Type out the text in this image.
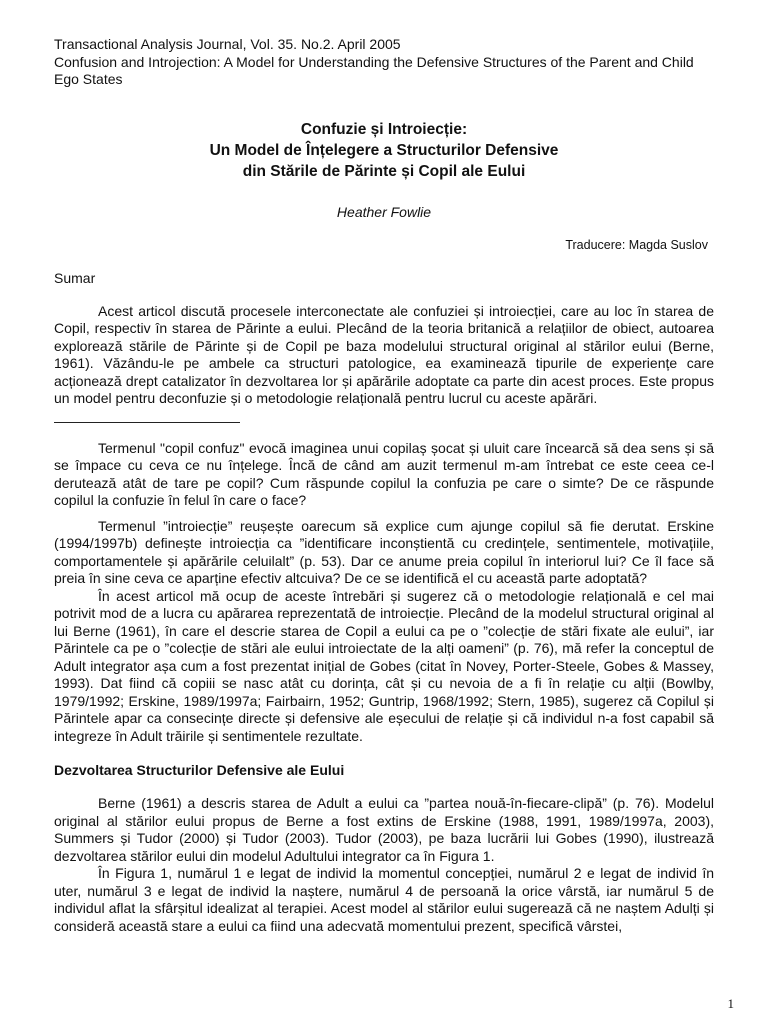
Transactional Analysis Journal, Vol. 35. No.2. April 2005
Confusion and Introjection: A Model for Understanding the Defensive Structures of the Parent and Child Ego States
Confuzie și Introiecție:
Un Model de Înțelegere a Structurilor Defensive
din Stările de Părinte și Copil ale Eului
Heather Fowlie
Traducere: Magda Suslov
Sumar

Acest articol discută procesele interconectate ale confuziei și introiecției, care au loc în starea de Copil, respectiv în starea de Părinte a eului. Plecând de la teoria britanică a relațiilor de obiect, autoarea explorează stările de Părinte și de Copil pe baza modelului structural original al stărilor eului (Berne, 1961). Văzându-le pe ambele ca structuri patologice, ea examinează tipurile de experiențe care acționează drept catalizator în dezvoltarea lor și apărările adoptate ca parte din acest proces. Este propus un model pentru deconfuzie și o metodologie relațională pentru lucrul cu aceste apărări.

Termenul "copil confuz" evocă imaginea unui copilaș șocat și uluit care încearcă să dea sens și să se împace cu ceva ce nu înțelege. Încă de când am auzit termenul m-am întrebat ce este ceea ce-l derutează atât de tare pe copil? Cum răspunde copilul la confuzia pe care o simte? De ce răspunde copilul la confuzie în felul în care o face?

Termenul ”introiecție” reușește oarecum să explice cum ajunge copilul să fie derutat. Erskine (1994/1997b) definește introiecția ca ”identificare inconștientă cu credințele, sentimentele, motivațiile, comportamentele și apărările celuilalt” (p. 53). Dar ce anume preia copilul în interiorul lui? Ce îl face să preia în sine ceva ce aparține efectiv altcuiva? De ce se identifică el cu această parte adoptată?

În acest articol mă ocup de aceste întrebări și sugerez că o metodologie relațională e cel mai potrivit mod de a lucra cu apărarea reprezentată de introiecție. Plecând de la modelul structural original al lui Berne (1961), în care el descrie starea de Copil a eului ca pe o ”colecție de stări fixate ale eului”, iar Părintele ca pe o ”colecție de stări ale eului introiectate de la alți oameni” (p. 76), mă refer la conceptul de Adult integrator așa cum a fost prezentat inițial de Gobes (citat în Novey, Porter-Steele, Gobes & Massey, 1993). Dat fiind că copiii se nasc atât cu dorința, cât și cu nevoia de a fi în relație cu alții (Bowlby, 1979/1992; Erskine, 1989/1997a; Fairbairn, 1952; Guntrip, 1968/1992; Stern, 1985), sugerez că Copilul și Părintele apar ca consecințe directe și defensive ale eșecului de relație și că individul n-a fost capabil să integreze în Adult trăirile și sentimentele rezultate.

Dezvoltarea Structurilor Defensive ale Eului

Berne (1961) a descris starea de Adult a eului ca ”partea nouă-în-fiecare-clipă” (p. 76). Modelul original al stărilor eului propus de Berne a fost extins de Erskine (1988, 1991, 1989/1997a, 2003), Summers și Tudor (2000) și Tudor (2003). Tudor (2003), pe baza lucrării lui Gobes (1990), ilustrează dezvoltarea stărilor eului din modelul Adultului integrator ca în Figura 1.

În Figura 1, numărul 1 e legat de individ la momentul concepției, numărul 2 e legat de individ în uter, numărul 3 e legat de individ la naștere, numărul 4 de persoană la orice vârstă, iar numărul 5 de individul aflat la sfârșitul idealizat al terapiei. Acest model al stărilor eului sugerează că ne naștem Adulți și consideră această stare a eului ca fiind una adecvată momentului prezent, specifică vârstei,

1
